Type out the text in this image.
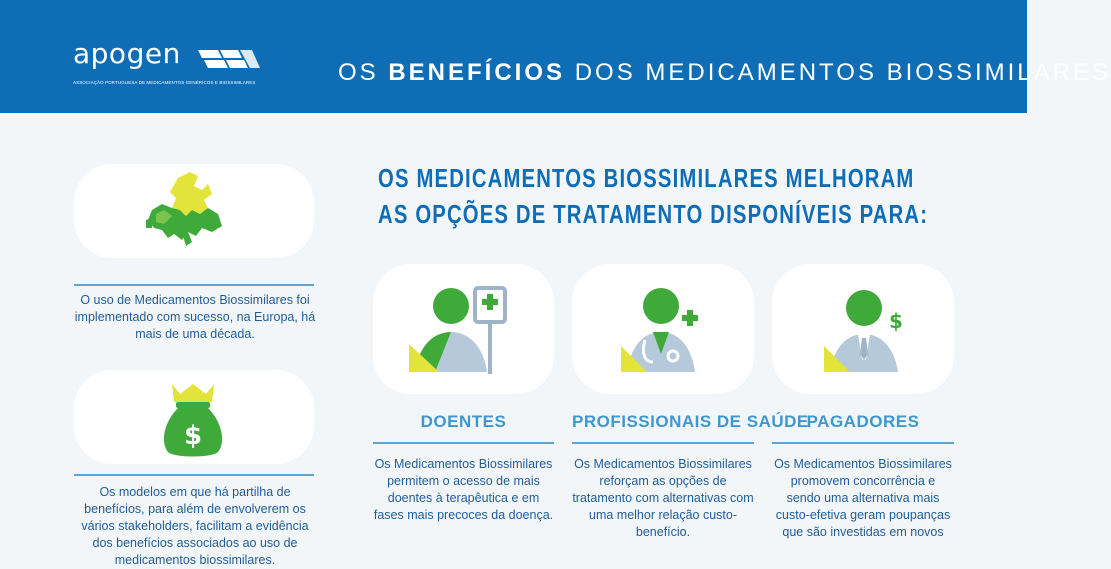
apogen
ASSOCIAÇÃO PORTUGUESA DE MEDICAMENTOS GENÉRICOS E BIOSSIMILARES	OS BENEFÍCIOS DOS MEDICAMENTOS BIOSSIMILARES
O uso de Medicamentos Biossimilares foi implementado com sucesso, na Europa, há mais de uma década.
$
Os modelos em que há partilha de benefícios, para além de envolverem os vários stakeholders, facilitam a evidência dos benefícios associados ao uso de medicamentos biossimilares.
OS MEDICAMENTOS BIOSSIMILARES MELHORAM
AS OPÇÕES DE TRATAMENTO DISPONÍVEIS PARA:
DOENTES
Os Medicamentos Biossimilares permitem o acesso de mais doentes à terapêutica e em fases mais precoces da doença.
PROFISSIONAIS DE SAÚDE
Os Medicamentos Biossimilares reforçam as opções de tratamento com alternativas com uma melhor relação custo-benefício.
$
PAGADORES
Os Medicamentos Biossimilares promovem concorrência e sendo uma alternativa mais custo-efetiva geram poupanças que são investidas em novos
